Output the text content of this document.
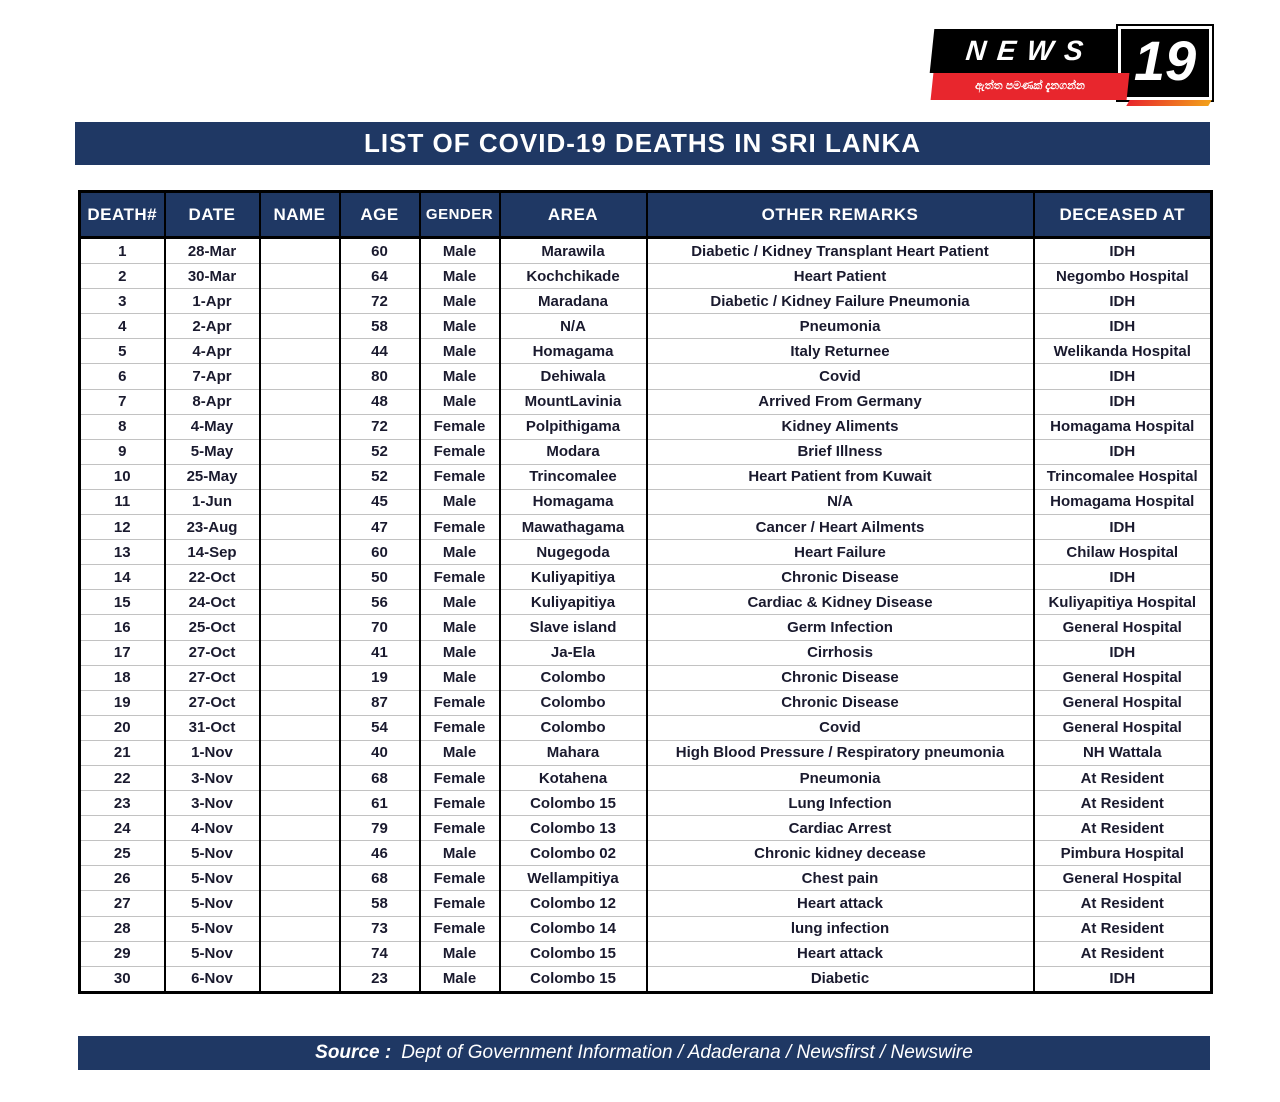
NEWS 19
ඇත්ත පමණක් දැනගන්න
LIST OF COVID-19 DEATHS IN SRI LANKA
DEATH#	DATE	NAME	AGE	GENDER	AREA	OTHER REMARKS	DECEASED AT
1	28-Mar		60	Male	Marawila	Diabetic / Kidney Transplant Heart Patient	IDH
2	30-Mar		64	Male	Kochchikade	Heart Patient	Negombo Hospital
3	1-Apr		72	Male	Maradana	Diabetic / Kidney Failure Pneumonia	IDH
4	2-Apr		58	Male	N/A	Pneumonia	IDH
5	4-Apr		44	Male	Homagama	Italy Returnee	Welikanda Hospital
6	7-Apr		80	Male	Dehiwala	Covid	IDH
7	8-Apr		48	Male	MountLavinia	Arrived From Germany	IDH
8	4-May		72	Female	Polpithigama	Kidney Aliments	Homagama Hospital
9	5-May		52	Female	Modara	Brief Illness	IDH
10	25-May		52	Female	Trincomalee	Heart Patient from Kuwait	Trincomalee Hospital
11	1-Jun		45	Male	Homagama	N/A	Homagama Hospital
12	23-Aug		47	Female	Mawathagama	Cancer / Heart Ailments	IDH
13	14-Sep		60	Male	Nugegoda	Heart Failure	Chilaw Hospital
14	22-Oct		50	Female	Kuliyapitiya	Chronic Disease	IDH
15	24-Oct		56	Male	Kuliyapitiya	Cardiac & Kidney Disease	Kuliyapitiya Hospital
16	25-Oct		70	Male	Slave island	Germ Infection	General Hospital
17	27-Oct		41	Male	Ja-Ela	Cirrhosis	IDH
18	27-Oct		19	Male	Colombo	Chronic Disease	General Hospital
19	27-Oct		87	Female	Colombo	Chronic Disease	General Hospital
20	31-Oct		54	Female	Colombo	Covid	General Hospital
21	1-Nov		40	Male	Mahara	High Blood Pressure / Respiratory pneumonia	NH Wattala
22	3-Nov		68	Female	Kotahena	Pneumonia	At Resident
23	3-Nov		61	Female	Colombo 15	Lung Infection	At Resident
24	4-Nov		79	Female	Colombo 13	Cardiac Arrest	At Resident
25	5-Nov		46	Male	Colombo 02	Chronic kidney decease	Pimbura Hospital
26	5-Nov		68	Female	Wellampitiya	Chest pain	General Hospital
27	5-Nov		58	Female	Colombo 12	Heart attack	At Resident
28	5-Nov		73	Female	Colombo 14	lung infection	At Resident
29	5-Nov		74	Male	Colombo 15	Heart attack	At Resident
30	6-Nov		23	Male	Colombo 15	Diabetic	IDH
Source : Dept of Government Information / Adaderana / Newsfirst / Newswire
